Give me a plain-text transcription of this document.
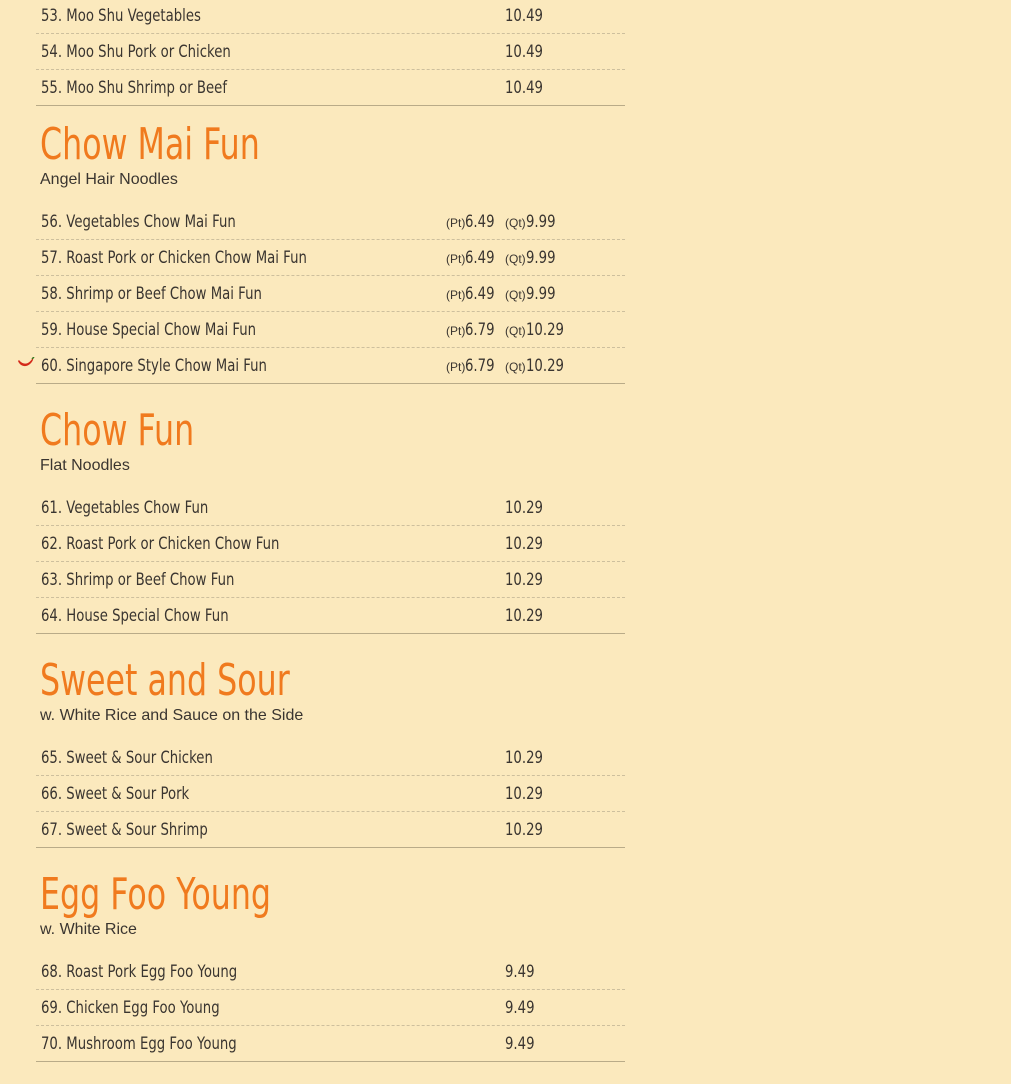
53. Moo Shu Vegetables	10.49
54. Moo Shu Pork or Chicken	10.49
55. Moo Shu Shrimp or Beef	10.49
Chow Mai Fun
Angel Hair Noodles
56. Vegetables Chow Mai Fun	(Pt)6.49 (Qt)9.99
57. Roast Pork or Chicken Chow Mai Fun	(Pt)6.49 (Qt)9.99
58. Shrimp or Beef Chow Mai Fun	(Pt)6.49 (Qt)9.99
59. House Special Chow Mai Fun	(Pt)6.79 (Qt)10.29
60. Singapore Style Chow Mai Fun	(Pt)6.79 (Qt)10.29
Chow Fun
Flat Noodles
61. Vegetables Chow Fun	10.29
62. Roast Pork or Chicken Chow Fun	10.29
63. Shrimp or Beef Chow Fun	10.29
64. House Special Chow Fun	10.29
Sweet and Sour
w. White Rice and Sauce on the Side
65. Sweet & Sour Chicken	10.29
66. Sweet & Sour Pork	10.29
67. Sweet & Sour Shrimp	10.29
Egg Foo Young
w. White Rice
68. Roast Pork Egg Foo Young	9.49
69. Chicken Egg Foo Young	9.49
70. Mushroom Egg Foo Young	9.49
